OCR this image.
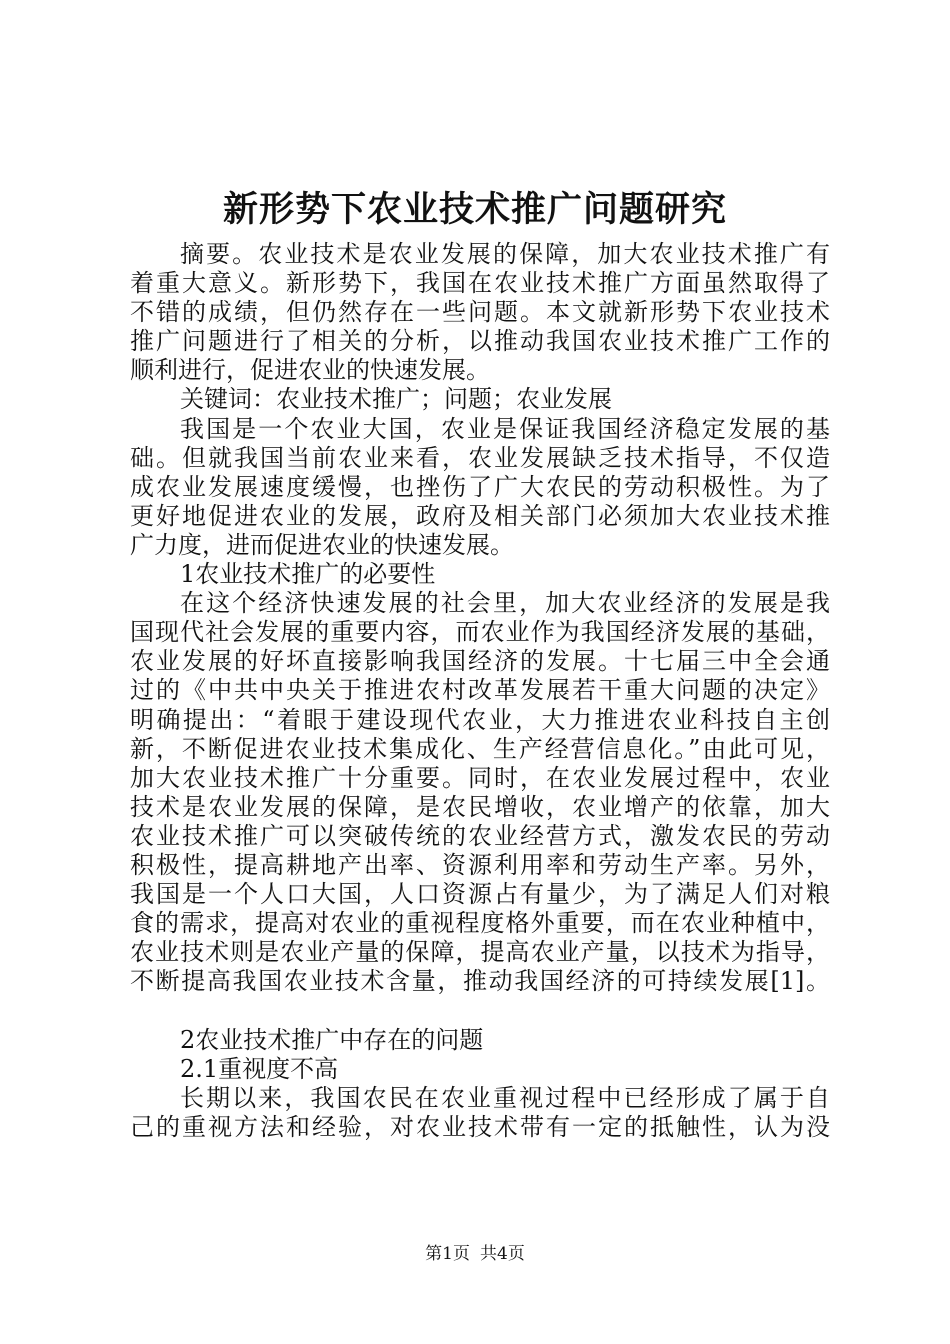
新形势下农业技术推广问题研究
摘要。农业技术是农业发展的保障，加大农业技术推广有
着重大意义。新形势下，我国在农业技术推广方面虽然取得了
不错的成绩，但仍然存在一些问题。本文就新形势下农业技术
推广问题进行了相关的分析，以推动我国农业技术推广工作的
顺利进行，促进农业的快速发展。
关键词：农业技术推广；问题；农业发展
我国是一个农业大国，农业是保证我国经济稳定发展的基
础。但就我国当前农业来看，农业发展缺乏技术指导，不仅造
成农业发展速度缓慢，也挫伤了广大农民的劳动积极性。为了
更好地促进农业的发展，政府及相关部门必须加大农业技术推
广力度，进而促进农业的快速发展。
1农业技术推广的必要性
在这个经济快速发展的社会里，加大农业经济的发展是我
国现代社会发展的重要内容，而农业作为我国经济发展的基础，
农业发展的好坏直接影响我国经济的发展。十七届三中全会通
过的《中共中央关于推进农村改革发展若干重大问题的决定》
明确提出：“着眼于建设现代农业，大力推进农业科技自主创
新，不断促进农业技术集成化、生产经营信息化。”由此可见，
加大农业技术推广十分重要。同时，在农业发展过程中，农业
技术是农业发展的保障，是农民增收，农业增产的依靠，加大
农业技术推广可以突破传统的农业经营方式，激发农民的劳动
积极性，提高耕地产出率、资源利用率和劳动生产率。另外，
我国是一个人口大国，人口资源占有量少，为了满足人们对粮
食的需求，提高对农业的重视程度格外重要，而在农业种植中，
农业技术则是农业产量的保障，提高农业产量，以技术为指导，
不断提高我国农业技术含量，推动我国经济的可持续发展[1]。
2农业技术推广中存在的问题
2.1重视度不高
长期以来，我国农民在农业重视过程中已经形成了属于自
己的重视方法和经验，对农业技术带有一定的抵触性，认为没
第1页 共4页
